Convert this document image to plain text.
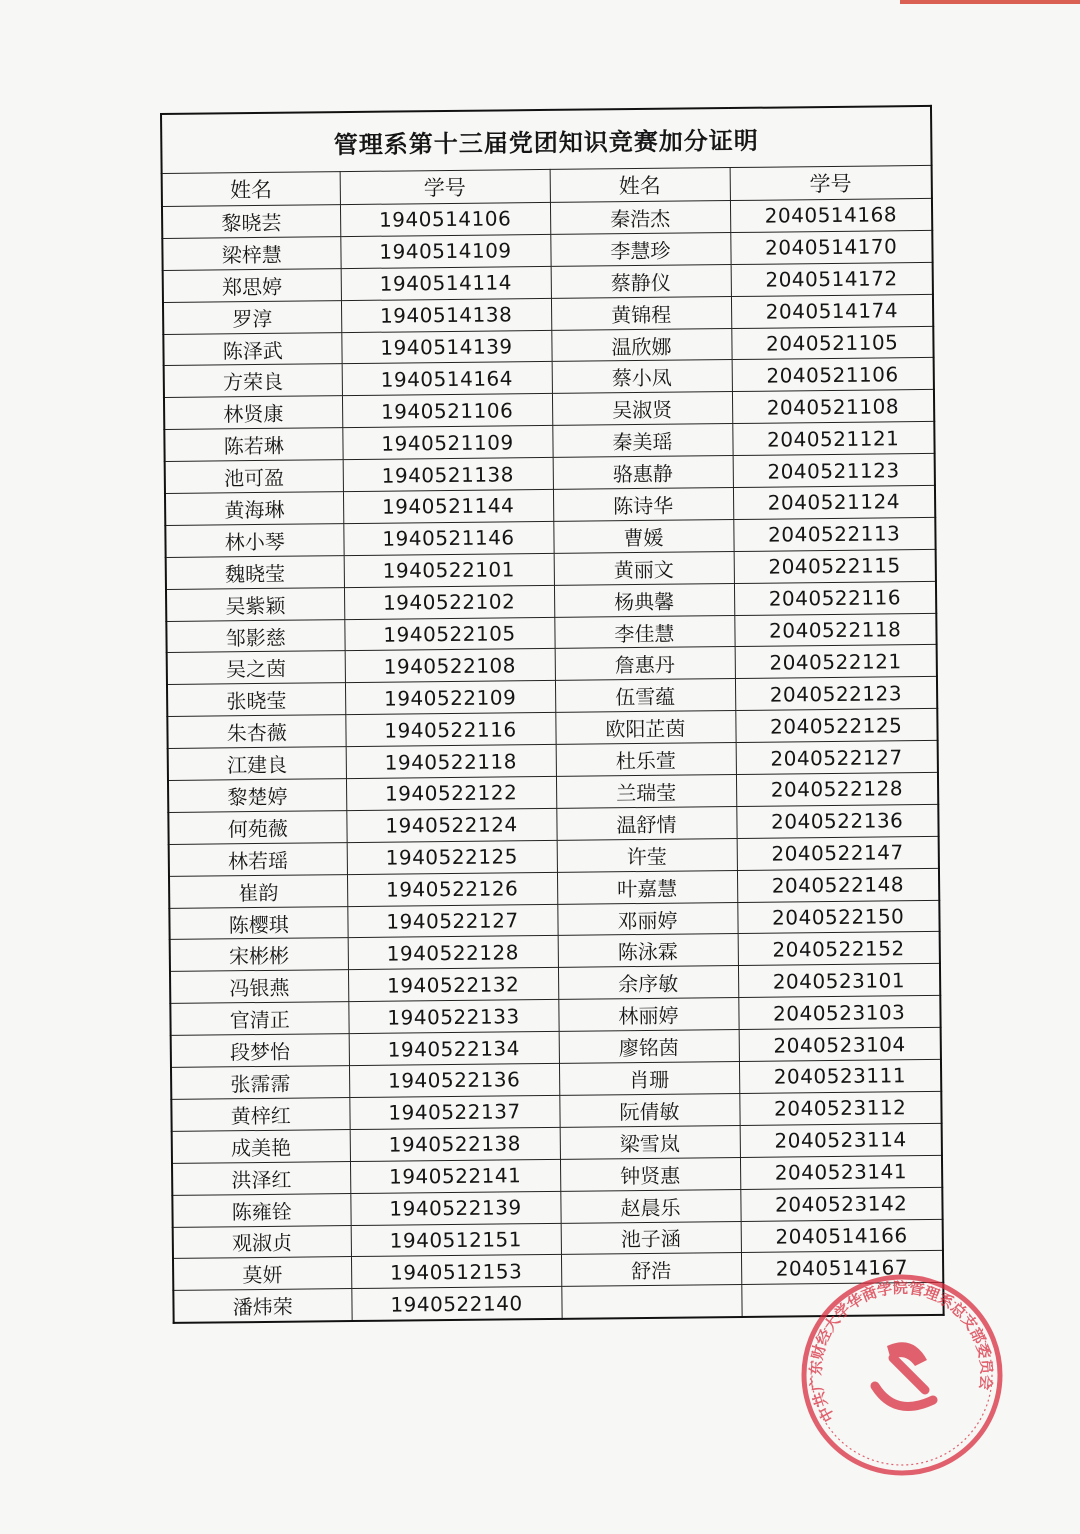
管理系第十三届党团知识竞赛加分证明			
姓名	学号	姓名	学号
黎晓芸	1940514106	秦浩杰	2040514168
梁梓慧	1940514109	李慧珍	2040514170
郑思婷	1940514114	蔡静仪	2040514172
罗淳	1940514138	黄锦程	2040514174
陈泽武	1940514139	温欣娜	2040521105
方荣良	1940514164	蔡小凤	2040521106
林贤康	1940521106	吴淑贤	2040521108
陈若琳	1940521109	秦美瑶	2040521121
池可盈	1940521138	骆惠静	2040521123
黄海琳	1940521144	陈诗华	2040521124
林小琴	1940521146	曹媛	2040522113
魏晓莹	1940522101	黄丽文	2040522115
吴紫颖	1940522102	杨典馨	2040522116
邹影慈	1940522105	李佳慧	2040522118
吴之茵	1940522108	詹惠丹	2040522121
张晓莹	1940522109	伍雪蕴	2040522123
朱杏薇	1940522116	欧阳芷茵	2040522125
江建良	1940522118	杜乐萱	2040522127
黎楚婷	1940522122	兰瑞莹	2040522128
何苑薇	1940522124	温舒情	2040522136
林若瑶	1940522125	许莹	2040522147
崔韵	1940522126	叶嘉慧	2040522148
陈樱琪	1940522127	邓丽婷	2040522150
宋彬彬	1940522128	陈泳霖	2040522152
冯银燕	1940522132	余序敏	2040523101
官清正	1940522133	林丽婷	2040523103
段梦怡	1940522134	廖铭茵	2040523104
张霈霈	1940522136	肖珊	2040523111
黄梓红	1940522137	阮倩敏	2040523112
成美艳	1940522138	梁雪岚	2040523114
洪泽红	1940522141	钟贤惠	2040523141
陈雍铨	1940522139	赵晨乐	2040523142
观淑贞	1940512151	池子涵	2040514166
莫妍	1940512153	舒浩	2040514167
潘炜荣	1940522140		
中共广东财经大学华商学院管理系总支部委员会
